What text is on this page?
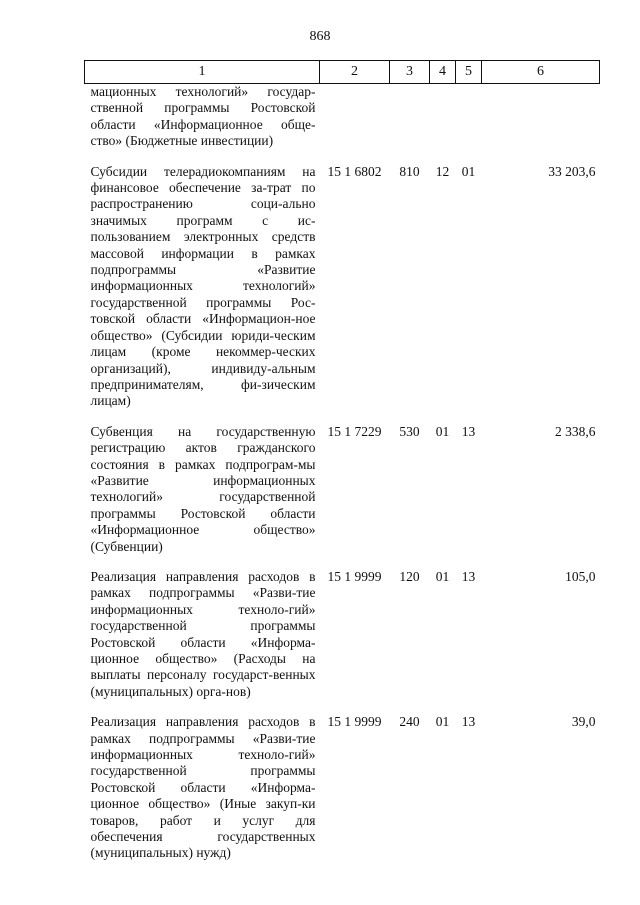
868
1	2	3	4	5	6
мационных технологий» государ-ственной программы Ростовской области «Информационное обще-ство» (Бюджетные инвестиции)					
Субсидии телерадиокомпаниям на финансовое обеспечение за-трат по распространению соци-ально значимых программ с ис-пользованием электронных средств массовой информации в рамках подпрограммы «Развитие информационных технологий» государственной программы Рос-товской области «Информацион-ное общество» (Субсидии юриди-ческим лицам (кроме некоммер-ческих организаций), индивиду-альным предпринимателям, фи-зическим лицам)	15 1 6802	810	12	01	33 203,6
Субвенция на государственную регистрацию актов гражданского состояния в рамках подпрограм-мы «Развитие информационных технологий» государственной программы Ростовской области «Информационное общество» (Субвенции)	15 1 7229	530	01	13	2 338,6
Реализация направления расходов в рамках подпрограммы «Разви-тие информационных техноло-гий» государственной программы Ростовской области «Информа-ционное общество» (Расходы на выплаты персоналу государст-венных (муниципальных) орга-нов)	15 1 9999	120	01	13	105,0
Реализация направления расходов в рамках подпрограммы «Разви-тие информационных техноло-гий» государственной программы Ростовской области «Информа-ционное общество» (Иные закуп-ки товаров, работ и услуг для обеспечения государственных (муниципальных) нужд)	15 1 9999	240	01	13	39,0
